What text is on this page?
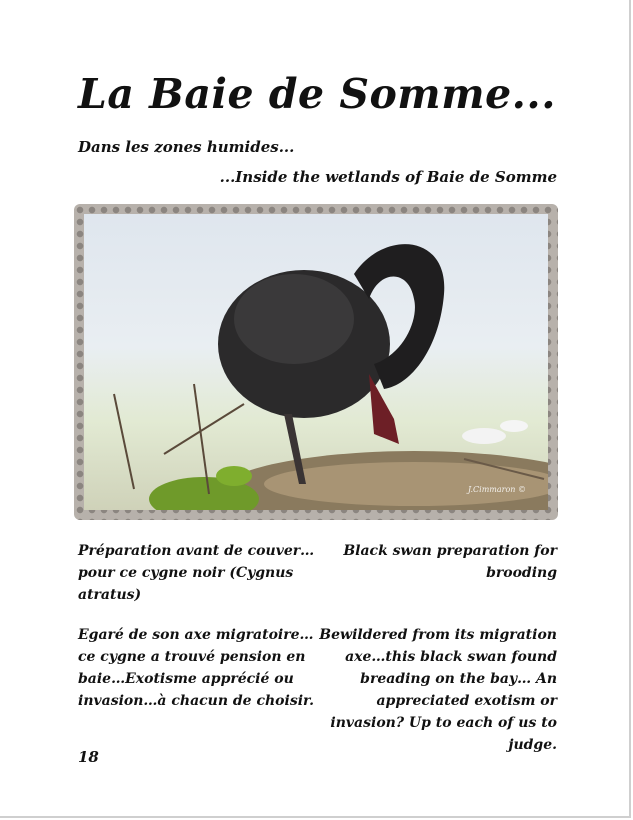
La Baie de Somme...
Dans les zones humides...
...Inside the wetlands of Baie de Somme
J.Cimmaron ©
Préparation avant de couver… pour ce cygne noir (Cygnus atratus)
Black swan preparation for brooding
Egaré de son axe migratoire… ce cygne a trouvé pension en baie…Exotisme apprécié ou invasion…à chacun de choisir.
Bewildered from its migration axe…this black swan found breading on the bay… An appreciated exotism or invasion? Up to each of us to judge.
18
